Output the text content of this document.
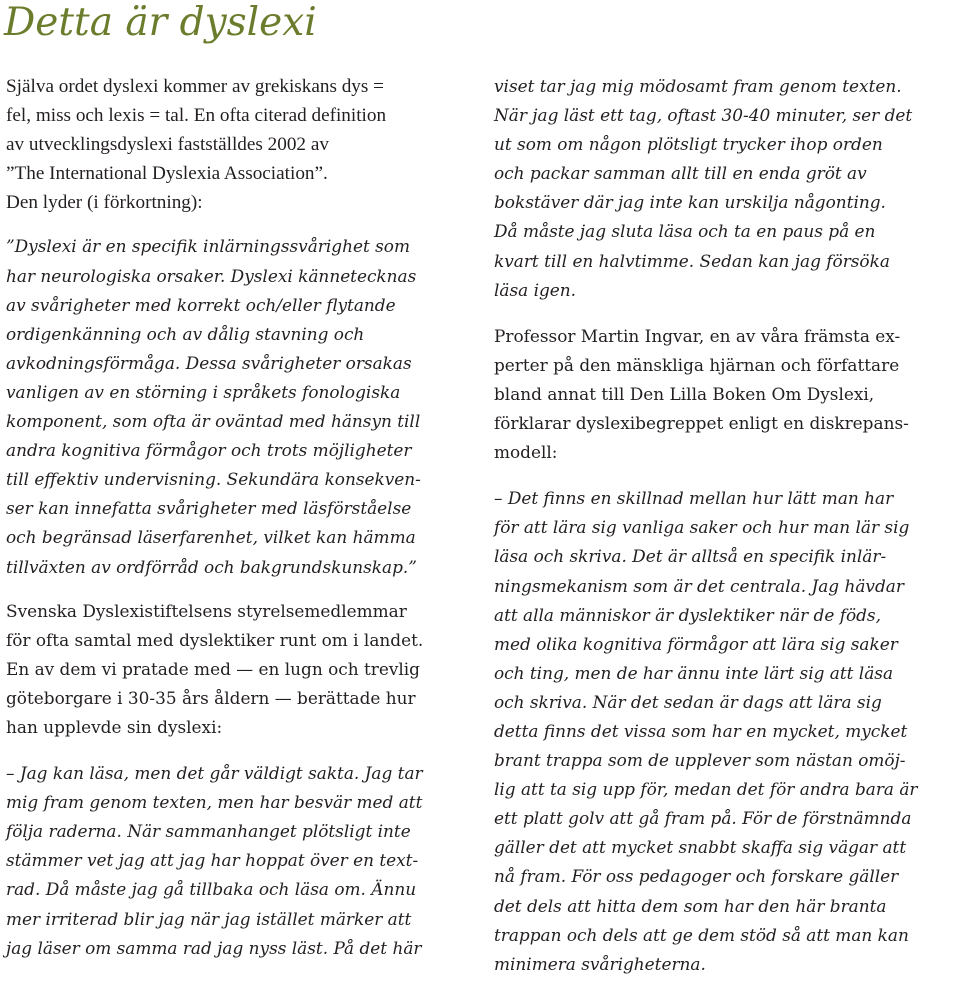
Detta är dyslexi
Själva ordet dyslexi kommer av grekiskans dys =
fel, miss och lexis = tal. En ofta citerad definition
av utvecklingsdyslexi fastställdes 2002 av
”The International Dyslexia Association”.
Den lyder (i förkortning):
”Dyslexi är en specifik inlärningssvårighet som
har neurologiska orsaker. Dyslexi kännetecknas
av svårigheter med korrekt och/eller flytande
ordigenkänning och av dålig stavning och
avkodningsförmåga. Dessa svårigheter orsakas
vanligen av en störning i språkets fonologiska
komponent, som ofta är oväntad med hänsyn till
andra kognitiva förmågor och trots möjligheter
till effektiv undervisning. Sekundära konsekven-
ser kan innefatta svårigheter med läsförståelse
och begränsad läserfarenhet, vilket kan hämma
tillväxten av ordförråd och bakgrundskunskap.”
Svenska Dyslexistiftelsens styrelsemedlemmar
för ofta samtal med dyslektiker runt om i landet.
En av dem vi pratade med — en lugn och trevlig
göteborgare i 30-35 års åldern — berättade hur
han upplevde sin dyslexi:
– Jag kan läsa, men det går väldigt sakta. Jag tar
mig fram genom texten, men har besvär med att
följa raderna. När sammanhanget plötsligt inte
stämmer vet jag att jag har hoppat över en text-
rad. Då måste jag gå tillbaka och läsa om. Ännu
mer irriterad blir jag när jag istället märker att
jag läser om samma rad jag nyss läst. På det här
viset tar jag mig mödosamt fram genom texten.
När jag läst ett tag, oftast 30-40 minuter, ser det
ut som om någon plötsligt trycker ihop orden
och packar samman allt till en enda gröt av
bokstäver där jag inte kan urskilja någonting.
Då måste jag sluta läsa och ta en paus på en
kvart till en halvtimme. Sedan kan jag försöka
läsa igen.
Professor Martin Ingvar, en av våra främsta ex-
perter på den mänskliga hjärnan och författare
bland annat till Den Lilla Boken Om Dyslexi,
förklarar dyslexibegreppet enligt en diskrepans-
modell:
– Det finns en skillnad mellan hur lätt man har
för att lära sig vanliga saker och hur man lär sig
läsa och skriva. Det är alltså en specifik inlär-
ningsmekanism som är det centrala. Jag hävdar
att alla människor är dyslektiker när de föds,
med olika kognitiva förmågor att lära sig saker
och ting, men de har ännu inte lärt sig att läsa
och skriva. När det sedan är dags att lära sig
detta finns det vissa som har en mycket, mycket
brant trappa som de upplever som nästan omöj-
lig att ta sig upp för, medan det för andra bara är
ett platt golv att gå fram på. För de förstnämnda
gäller det att mycket snabbt skaffa sig vägar att
nå fram. För oss pedagoger och forskare gäller
det dels att hitta dem som har den här branta
trappan och dels att ge dem stöd så att man kan
minimera svårigheterna.
